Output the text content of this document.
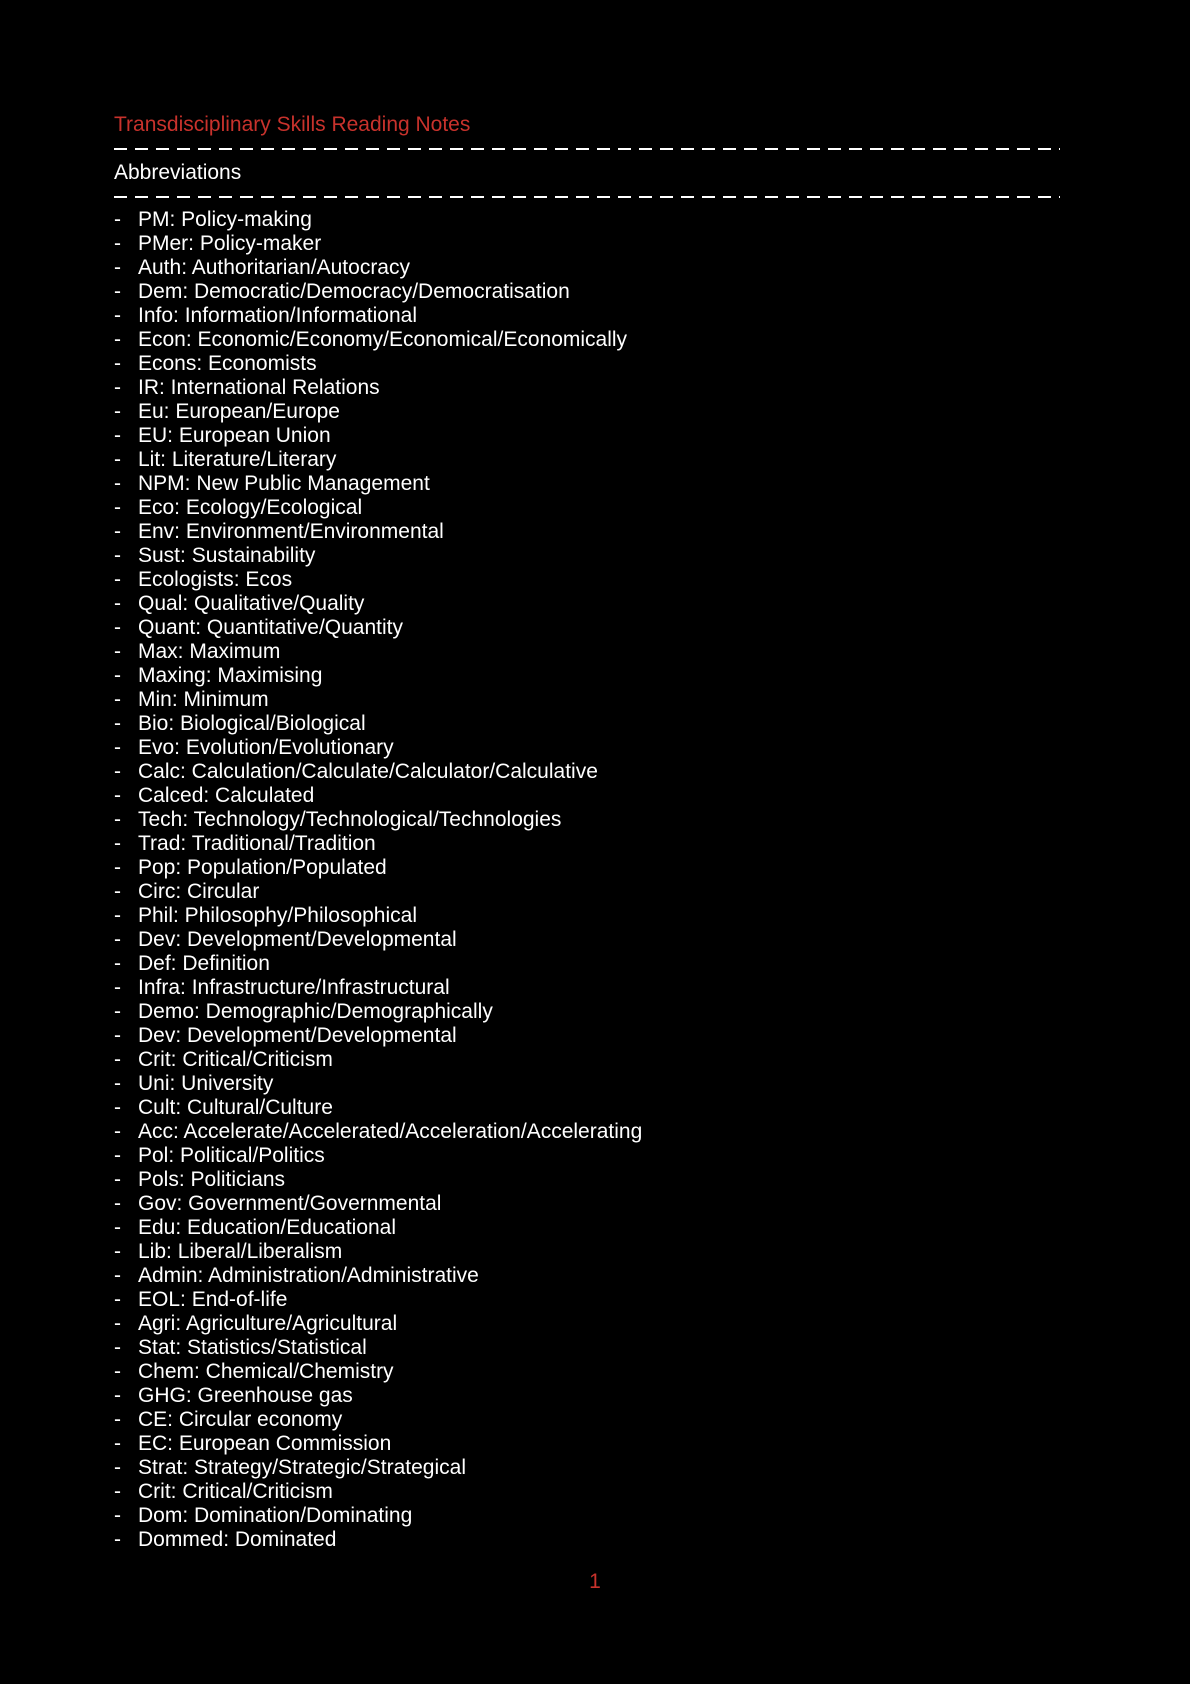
Transdisciplinary Skills Reading Notes
Abbreviations
- PM: Policy-making
- PMer: Policy-maker
- Auth: Authoritarian/Autocracy
- Dem: Democratic/Democracy/Democratisation
- Info: Information/Informational
- Econ: Economic/Economy/Economical/Economically
- Econs: Economists
- IR: International Relations
- Eu: European/Europe
- EU: European Union
- Lit: Literature/Literary
- NPM: New Public Management
- Eco: Ecology/Ecological
- Env: Environment/Environmental
- Sust: Sustainability
- Ecologists: Ecos
- Qual: Qualitative/Quality
- Quant: Quantitative/Quantity
- Max: Maximum
- Maxing: Maximising
- Min: Minimum
- Bio: Biological/Biological
- Evo: Evolution/Evolutionary
- Calc: Calculation/Calculate/Calculator/Calculative
- Calced: Calculated
- Tech: Technology/Technological/Technologies
- Trad: Traditional/Tradition
- Pop: Population/Populated
- Circ: Circular
- Phil: Philosophy/Philosophical
- Dev: Development/Developmental
- Def: Definition
- Infra: Infrastructure/Infrastructural
- Demo: Demographic/Demographically
- Dev: Development/Developmental
- Crit: Critical/Criticism
- Uni: University
- Cult: Cultural/Culture
- Acc: Accelerate/Accelerated/Acceleration/Accelerating
- Pol: Political/Politics
- Pols: Politicians
- Gov: Government/Governmental
- Edu: Education/Educational
- Lib: Liberal/Liberalism
- Admin: Administration/Administrative
- EOL: End-of-life
- Agri: Agriculture/Agricultural
- Stat: Statistics/Statistical
- Chem: Chemical/Chemistry
- GHG: Greenhouse gas
- CE: Circular economy
- EC: European Commission
- Strat: Strategy/Strategic/Strategical
- Crit: Critical/Criticism
- Dom: Domination/Dominating
- Dommed: Dominated
1
